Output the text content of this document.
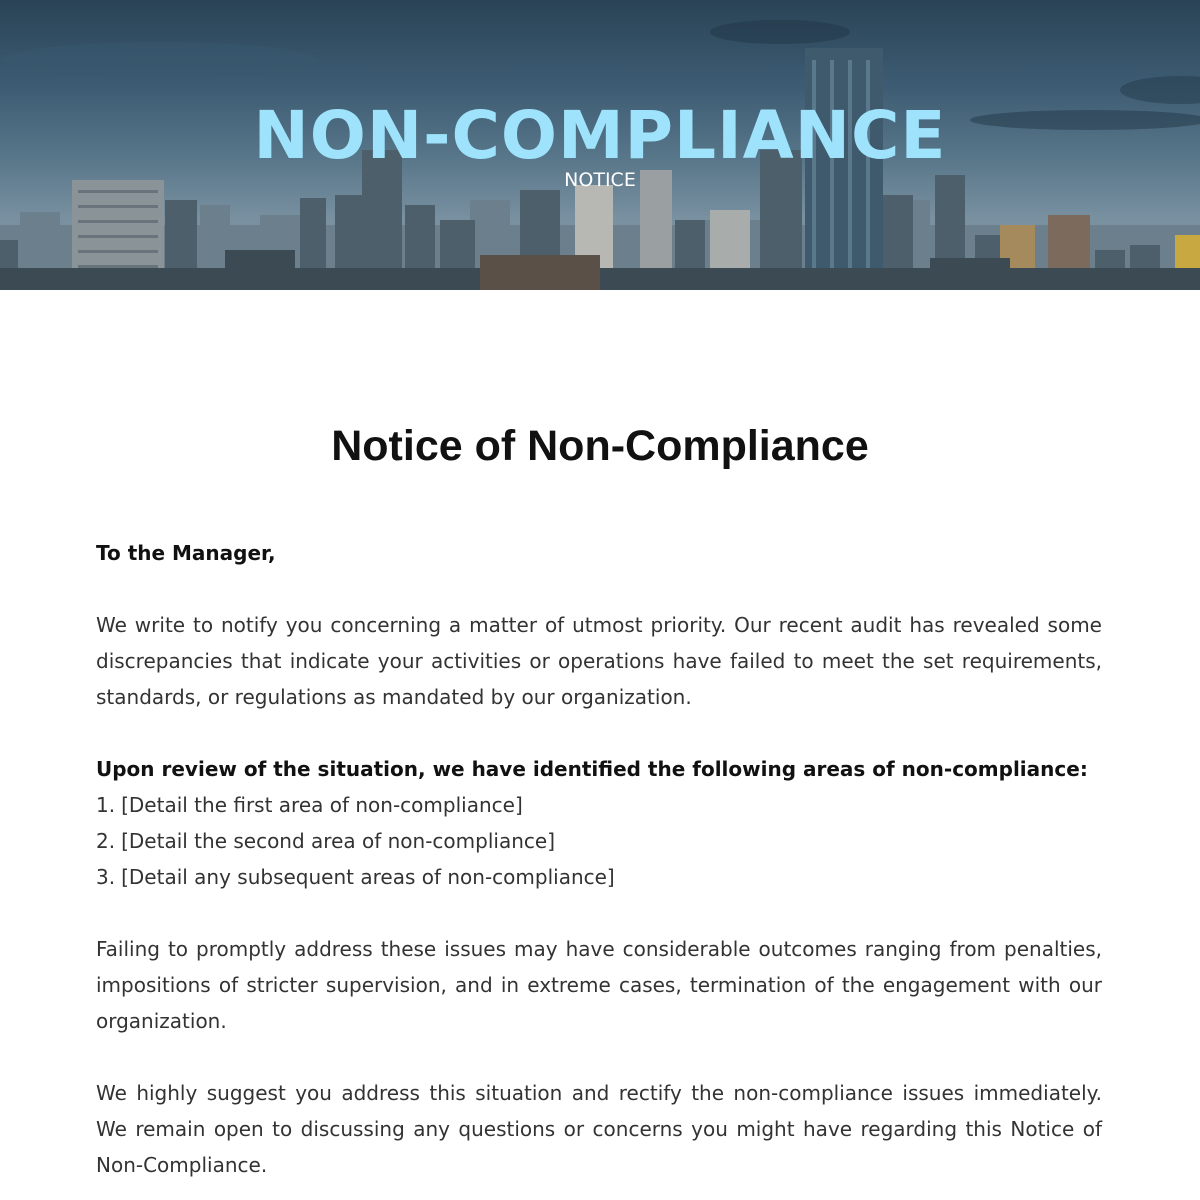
NON-COMPLIANCE
NOTICE
Notice of Non-Compliance

To the Manager,

We write to notify you concerning a matter of utmost priority. Our recent audit has revealed some discrepancies that indicate your activities or operations have failed to meet the set requirements, standards, or regulations as mandated by our organization.

Upon review of the situation, we have identified the following areas of non-compliance:

1. [Detail the first area of non-compliance]
2. [Detail the second area of non-compliance]
3. [Detail any subsequent areas of non-compliance]

Failing to promptly address these issues may have considerable outcomes ranging from penalties, impositions of stricter supervision, and in extreme cases, termination of the engagement with our organization.

We highly suggest you address this situation and rectify the non-compliance issues immediately. We remain open to discussing any questions or concerns you might have regarding this Notice of Non-Compliance.
